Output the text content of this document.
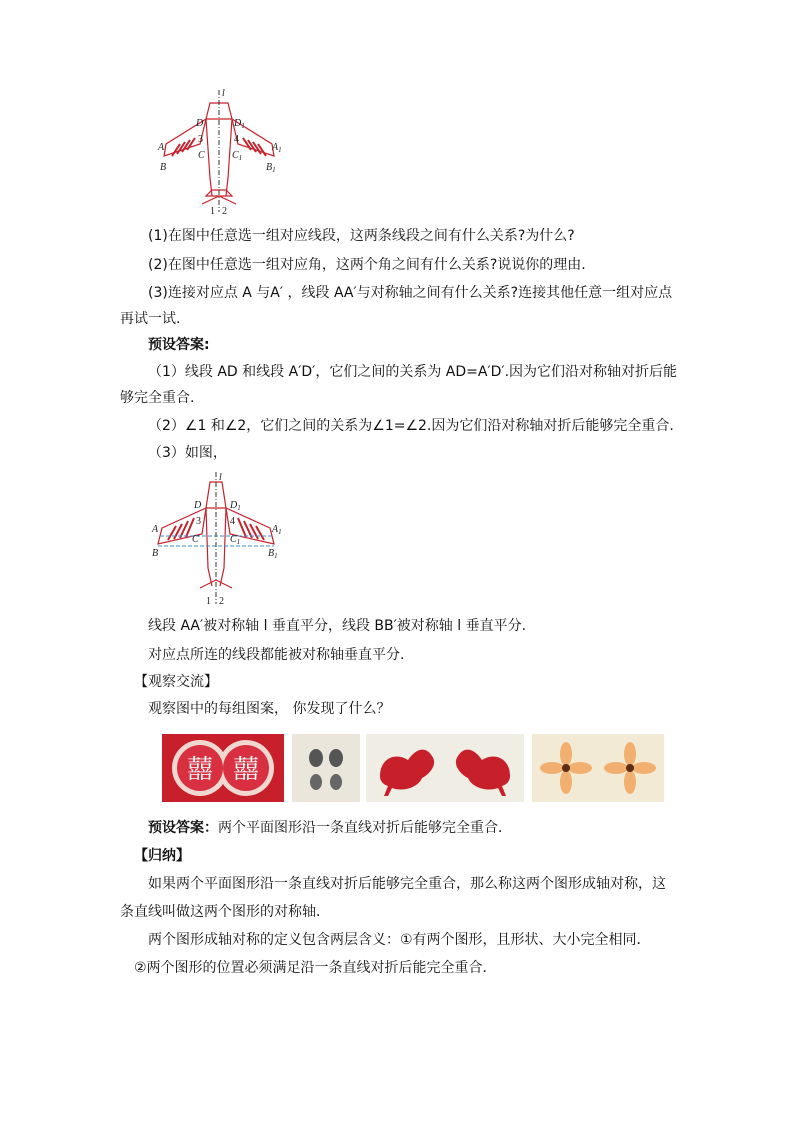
l
D	$D_1$
3	4
A	$A_1$
C	$C_1$
B	$B_1$
1 2
(1)在图中任意选一组对应线段，这两条线段之间有什么关系?为什么?
(2)在图中任意选一组对应角，这两个角之间有什么关系?说说你的理由.
(3)连接对应点 A 与A′ ，线段 AA′与对称轴之间有什么关系?连接其他任意一组对应点
再试一试.
预设答案:
（1）线段 AD 和线段 A′D′，它们之间的关系为 AD=A′D′.因为它们沿对称轴对折后能
够完全重合.
（2）∠1 和∠2，它们之间的关系为∠1=∠2.因为它们沿对称轴对折后能够完全重合.
（3）如图，
l
D	$D_1$
3	4
A	$A_1$
C	$C_1$
B	$B_1$
1 2
线段 AA′被对称轴 l 垂直平分，线段 BB′被对称轴 l 垂直平分.
对应点所连的线段都能被对称轴垂直平分.
【观察交流】
观察图中的每组图案， 你发现了什么？
囍 囍
预设答案：两个平面图形沿一条直线对折后能够完全重合．
【归纳】
如果两个平面图形沿一条直线对折后能够完全重合，那么称这两个图形成轴对称，这
条直线叫做这两个图形的对称轴．
两个图形成轴对称的定义包含两层含义：①有两个图形，且形状、大小完全相同．
②两个图形的位置必须满足沿一条直线对折后能完全重合．
